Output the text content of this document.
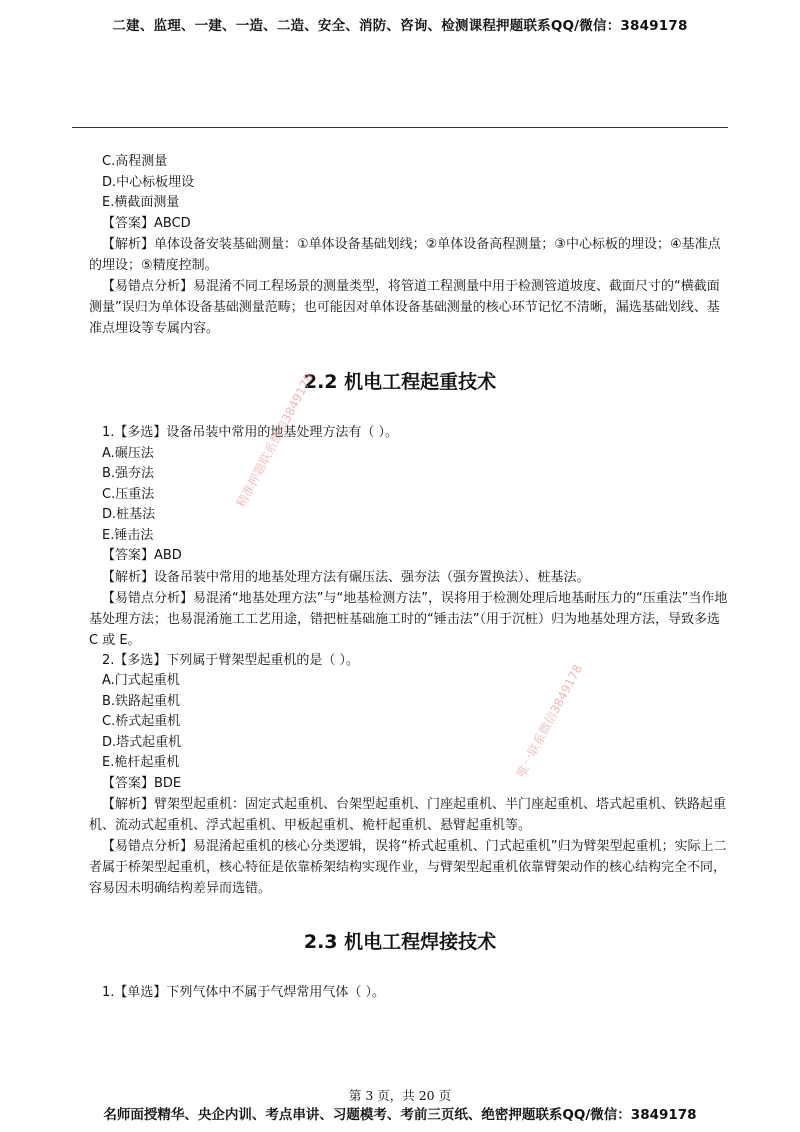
二建、监理、一建、一造、二造、安全、消防、咨询、检测课程押题联系QQ/微信：3849178

C.高程测量

D.中心标板埋设

E.横截面测量

【答案】ABCD

【解析】单体设备安装基础测量：①单体设备基础划线；②单体设备高程测量；③中心标板的埋设；④基准点的埋设；⑤精度控制。

【易错点分析】易混淆不同工程场景的测量类型，将管道工程测量中用于检测管道坡度、截面尺寸的“横截面测量”误归为单体设备基础测量范畴；也可能因对单体设备基础测量的核心环节记忆不清晰，漏选基础划线、基准点埋设等专属内容。

2.2 机电工程起重技术

1.【多选】设备吊装中常用的地基处理方法有（ ）。

A.碾压法

B.强夯法

C.压重法

D.桩基法

E.锤击法

【答案】ABD

【解析】设备吊装中常用的地基处理方法有碾压法、强夯法（强夯置换法）、桩基法。

【易错点分析】易混淆“地基处理方法”与“地基检测方法”，误将用于检测处理后地基耐压力的“压重法”当作地基处理方法；也易混淆施工工艺用途，错把桩基础施工时的“锤击法”（用于沉桩）归为地基处理方法，导致多选 C 或 E。

2.【多选】下列属于臂架型起重机的是（ ）。

A.门式起重机

B.铁路起重机

C.桥式起重机

D.塔式起重机

E.桅杆起重机

【答案】BDE

【解析】臂架型起重机：固定式起重机、台架型起重机、门座起重机、半门座起重机、塔式起重机、铁路起重机、流动式起重机、浮式起重机、甲板起重机、桅杆起重机、悬臂起重机等。

【易错点分析】易混淆起重机的核心分类逻辑，误将“桥式起重机、门式起重机”归为臂架型起重机；实际上二者属于桥架型起重机，核心特征是依靠桥架结构实现作业，与臂架型起重机依靠臂架动作的核心结构完全不同，容易因未明确结构差异而选错。

2.3 机电工程焊接技术

1.【单选】下列气体中不属于气焊常用气体（ ）。

精准押题联系微信3849178
唯一联系微信3849178
第 3 页，共 20 页
名师面授精华、央企内训、考点串讲、习题模考、考前三页纸、绝密押题联系QQ/微信：3849178
